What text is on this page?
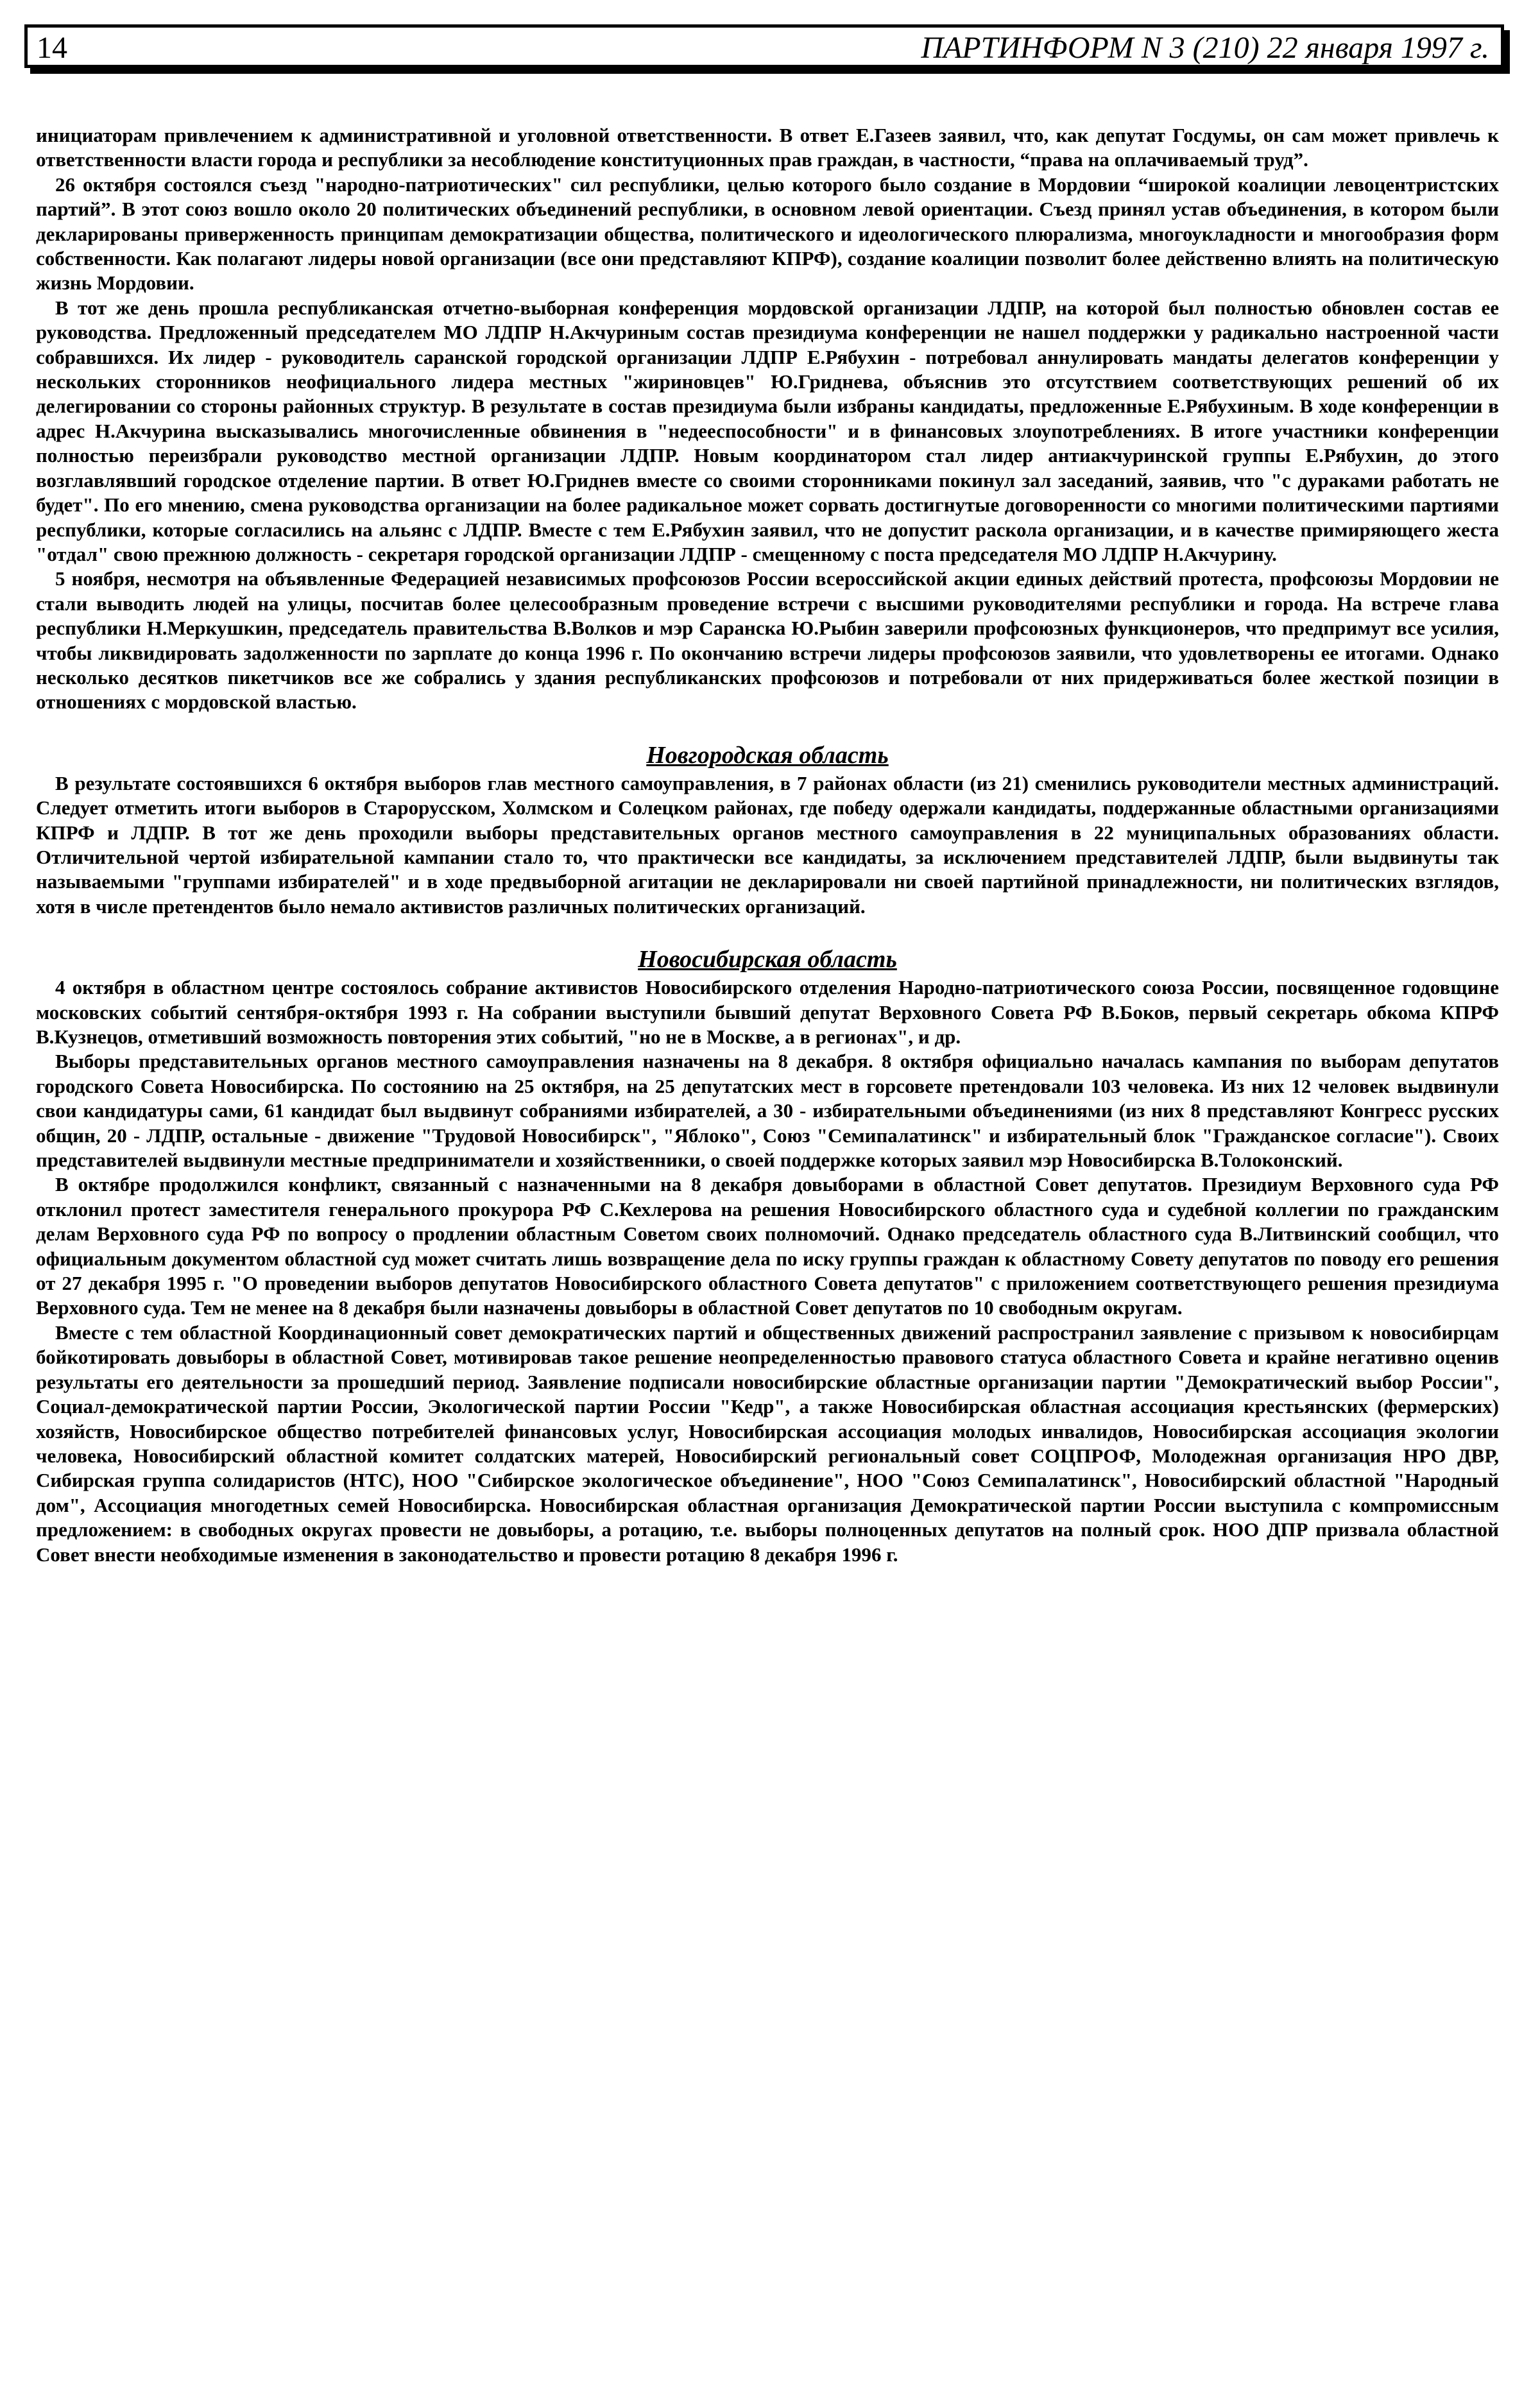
14	ПАРТИНФОРМ N 3 (210) 22 января 1997 г.

инициаторам привлечением к административной и уголовной ответственности. В ответ Е.Газеев заявил, что, как депутат Госдумы, он сам может привлечь к ответственности власти города и республики за несоблюдение конституционных прав граждан, в частности, “права на оплачиваемый труд”.

26 октября состоялся съезд "народно-патриотических" сил республики, целью которого было создание в Мордовии “широкой коалиции левоцентристских партий”. В этот союз вошло около 20 политических объединений республики, в основном левой ориентации. Съезд принял устав объединения, в котором были декларированы приверженность принципам демократизации общества, политического и идеологического плюрализма, многоукладности и многообразия форм собственности. Как полагают лидеры новой организации (все они представляют КПРФ), создание коалиции позволит более действенно влиять на политическую жизнь Мордовии.

В тот же день прошла республиканская отчетно-выборная конференция мордовской организации ЛДПР, на которой был полностью обновлен состав ее руководства. Предложенный председателем МО ЛДПР Н.Акчуриным состав президиума конференции не нашел поддержки у радикально настроенной части собравшихся. Их лидер - руководитель саранской городской организации ЛДПР Е.Рябухин - потребовал аннулировать мандаты делегатов конференции у нескольких сторонников неофициального лидера местных "жириновцев" Ю.Гриднева, объяснив это отсутствием соответствующих решений об их делегировании со стороны районных структур. В результате в состав президиума были избраны кандидаты, предложенные Е.Рябухиным. В ходе конференции в адрес Н.Акчурина высказывались многочисленные обвинения в "недееспособности" и в финансовых злоупотреблениях. В итоге участники конференции полностью переизбрали руководство местной организации ЛДПР. Новым координатором стал лидер антиакчуринской группы Е.Рябухин, до этого возглавлявший городское отделение партии. В ответ Ю.Гриднев вместе со своими сторонниками покинул зал заседаний, заявив, что "с дураками работать не будет". По его мнению, смена руководства организации на более радикальное может сорвать достигнутые договоренности со многими политическими партиями республики, которые согласились на альянс с ЛДПР. Вместе с тем Е.Рябухин заявил, что не допустит раскола организации, и в качестве примиряющего жеста "отдал" свою прежнюю должность - секретаря городской организации ЛДПР - смещенному с поста председателя МО ЛДПР Н.Акчурину.

5 ноября, несмотря на объявленные Федерацией независимых профсоюзов России всероссийской акции единых действий протеста, профсоюзы Мордовии не стали выводить людей на улицы, посчитав более целесообразным проведение встречи с высшими руководителями республики и города. На встрече глава республики Н.Меркушкин, председатель правительства В.Волков и мэр Саранска Ю.Рыбин заверили профсоюзных функционеров, что предпримут все усилия, чтобы ликвидировать задолженности по зарплате до конца 1996 г. По окончанию встречи лидеры профсоюзов заявили, что удовлетворены ее итогами. Однако несколько десятков пикетчиков все же собрались у здания республиканских профсоюзов и потребовали от них придерживаться более жесткой позиции в отношениях с мордовской властью.

Новгородская область

В результате состоявшихся 6 октября выборов глав местного самоуправления, в 7 районах области (из 21) сменились руководители местных администраций. Следует отметить итоги выборов в Старорусском, Холмском и Солецком районах, где победу одержали кандидаты, поддержанные областными организациями КПРФ и ЛДПР. В тот же день проходили выборы представительных органов местного самоуправления в 22 муниципальных образованиях области. Отличительной чертой избирательной кампании стало то, что практически все кандидаты, за исключением представителей ЛДПР, были выдвинуты так называемыми "группами избирателей" и в ходе предвыборной агитации не декларировали ни своей партийной принадлежности, ни политических взглядов, хотя в числе претендентов было немало активистов различных политических организаций.

Новосибирская область

4 октября в областном центре состоялось собрание активистов Новосибирского отделения Народно-патриотического союза России, посвященное годовщине московских событий сентября-октября 1993 г. На собрании выступили бывший депутат Верховного Совета РФ В.Боков, первый секретарь обкома КПРФ В.Кузнецов, отметивший возможность повторения этих событий, "но не в Москве, а в регионах", и др.

Выборы представительных органов местного самоуправления назначены на 8 декабря. 8 октября официально началась кампания по выборам депутатов городского Совета Новосибирска. По состоянию на 25 октября, на 25 депутатских мест в горсовете претендовали 103 человека. Из них 12 человек выдвинули свои кандидатуры сами, 61 кандидат был выдвинут собраниями избирателей, а 30 - избирательными объединениями (из них 8 представляют Конгресс русских общин, 20 - ЛДПР, остальные - движение "Трудовой Новосибирск", "Яблоко", Союз "Семипалатинск" и избирательный блок "Гражданское согласие"). Своих представителей выдвинули местные предприниматели и хозяйственники, о своей поддержке которых заявил мэр Новосибирска В.Толоконский.

В октябре продолжился конфликт, связанный с назначенными на 8 декабря довыборами в областной Совет депутатов. Президиум Верховного суда РФ отклонил протест заместителя генерального прокурора РФ С.Кехлерова на решения Новосибирского областного суда и судебной коллегии по гражданским делам Верховного суда РФ по вопросу о продлении областным Советом своих полномочий. Однако председатель областного суда В.Литвинский сообщил, что официальным документом областной суд может считать лишь возвращение дела по иску группы граждан к областному Совету депутатов по поводу его решения от 27 декабря 1995 г. "О проведении выборов депутатов Новосибирского областного Совета депутатов" с приложением соответствующего решения президиума Верховного суда. Тем не менее на 8 декабря были назначены довыборы в областной Совет депутатов по 10 свободным округам.

Вместе с тем областной Координационный совет демократических партий и общественных движений распространил заявление с призывом к новосибирцам бойкотировать довыборы в областной Совет, мотивировав такое решение неопределенностью правового статуса областного Совета и крайне негативно оценив результаты его деятельности за прошедший период. Заявление подписали новосибирские областные организации партии "Демократический выбор России", Социал-демократической партии России, Экологической партии России "Кедр", а также Новосибирская областная ассоциация крестьянских (фермерских) хозяйств, Новосибирское общество потребителей финансовых услуг, Новосибирская ассоциация молодых инвалидов, Новосибирская ассоциация экологии человека, Новосибирский областной комитет солдатских матерей, Новосибирский региональный совет СОЦПРОФ, Молодежная организация НРО ДВР, Сибирская группа солидаристов (НТС), НОО "Сибирское экологическое объединение", НОО "Союз Семипалатинск", Новосибирский областной "Народный дом", Ассоциация многодетных семей Новосибирска. Новосибирская областная организация Демократической партии России выступила с компромиссным предложением: в свободных округах провести не довыборы, а ротацию, т.е. выборы полноценных депутатов на полный срок. НОО ДПР призвала областной Совет внести необходимые изменения в законодательство и провести ротацию 8 декабря 1996 г.
